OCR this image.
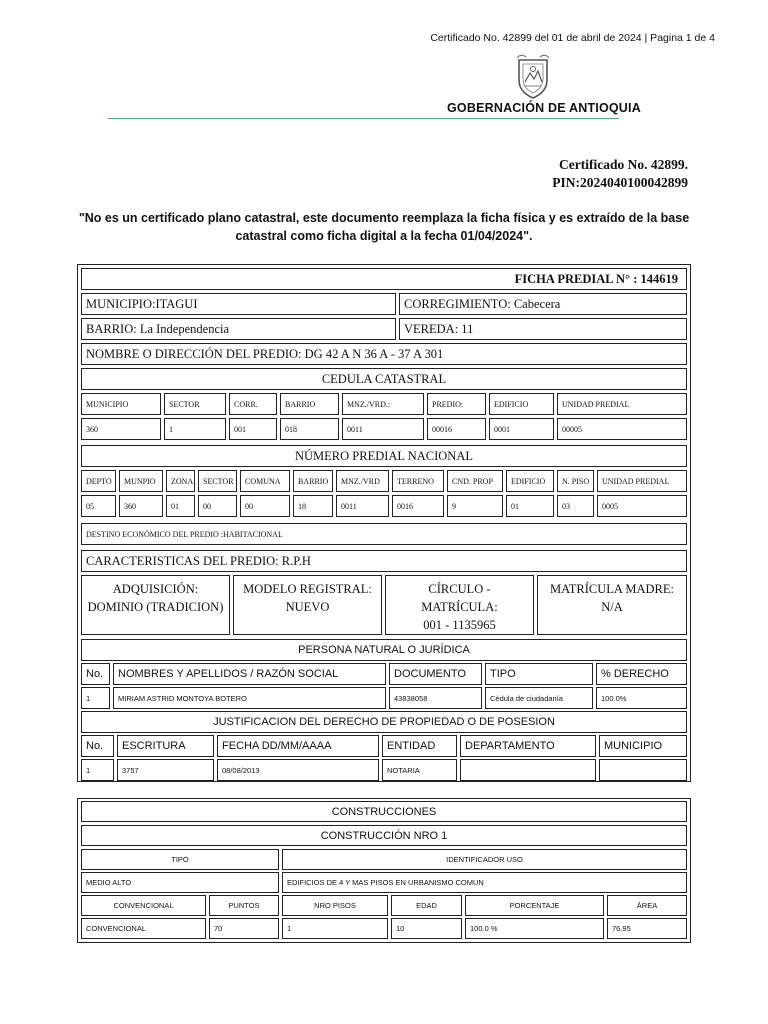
Certificado No. 42899 del 01 de abril de 2024 | Pagina 1 de 4
GOBERNACIÓN DE ANTIOQUIA
Certificado No. 42899.
PIN:2024040100042899
"No es un certificado plano catastral, este documento reemplaza la ficha física y es extraído de la base
catastral como ficha digital a la fecha 01/04/2024".
FICHA PREDIAL N° : 144619
MUNICIPIO:ITAGUI	CORREGIMIENTO: Cabecera
BARRIO: La Independencia	VEREDA: 11
NOMBRE O DIRECCIÓN DEL PREDIO: DG 42 A N 36 A - 37 A 301
CEDULA CATASTRAL
MUNICIPIO	SECTOR	CORR.	BARRIO	MNZ./VRD.:	PREDIO:	EDIFICIO	UNIDAD PREDIAL
360	1	001	018	0011	00016	0001	00005
NÚMERO PREDIAL NACIONAL
DEPTO	MUNPIO	ZONA	SECTOR	COMUNA	BARRIO	MNZ./VRD	TERRENO	CND. PROP	EDIFICIO	N. PISO	UNIDAD PREDIAL
05	360	01	00	00	18	0011	0016	9	01	03	0005
DESTINO ECONÓMICO DEL PREDIO :HABITACIONAL
CARACTERISTICAS DEL PREDIO: R.P.H
ADQUISICIÓN:
DOMINIO (TRADICION)
MODELO REGISTRAL:
NUEVO
CÍRCULO -
MATRÍCULA:
001 - 1135965
MATRÍCULA MADRE:
N/A
PERSONA NATURAL O JURÍDICA
No.	NOMBRES Y APELLIDOS / RAZÓN SOCIAL	DOCUMENTO	TIPO	% DERECHO
1	MIRIAM ASTRID MONTOYA BOTERO	43838058	Cédula de ciudadanía	100.0%
JUSTIFICACION DEL DERECHO DE PROPIEDAD O DE POSESION
No.	ESCRITURA	FECHA DD/MM/AAAA	ENTIDAD	DEPARTAMENTO	MUNICIPIO
1	3757	08/08/2013	NOTARIA
CONSTRUCCIONES
CONSTRUCCIÓN NRO 1
TIPO	IDENTIFICADOR USO
MEDIO ALTO	EDIFICIOS DE 4 Y MAS PISOS EN URBANISMO COMUN
CONVENCIONAL	PUNTOS	NRO PISOS	EDAD	PORCENTAJE	ÁREA
CONVENCIONAL	70	1	10	100.0 %	76.95
